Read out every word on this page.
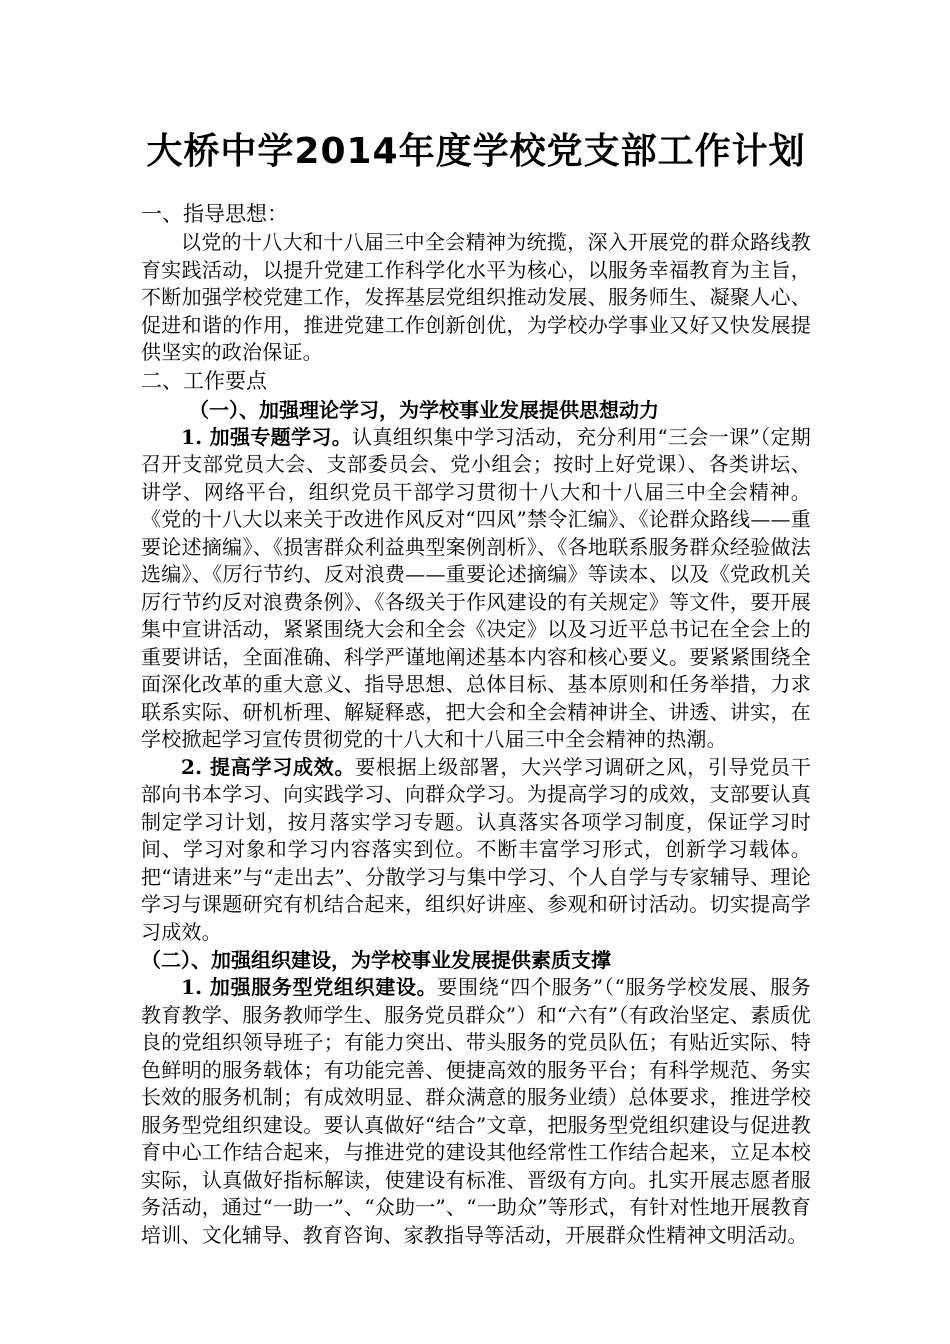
大桥中学2014年度学校党支部工作计划
一、指导思想：

以党的十八大和十八届三中全会精神为统揽，深入开展党的群众路线教育实践活动，以提升党建工作科学化水平为核心，以服务幸福教育为主旨，不断加强学校党建工作，发挥基层党组织推动发展、服务师生、凝聚人心、促进和谐的作用，推进党建工作创新创优，为学校办学事业又好又快发展提供坚实的政治保证。

二、工作要点
（一）、加强理论学习，为学校事业发展提供思想动力

1. 加强专题学习。认真组织集中学习活动，充分利用“三会一课”（定期召开支部党员大会、支部委员会、党小组会；按时上好党课）、各类讲坛、讲学、网络平台，组织党员干部学习贯彻十八大和十八届三中全会精神。《党的十八大以来关于改进作风反对“四风”禁令汇编》、《论群众路线——重要论述摘编》、《损害群众利益典型案例剖析》、《各地联系服务群众经验做法选编》、《厉行节约、反对浪费——重要论述摘编》等读本、以及《党政机关厉行节约反对浪费条例》、《各级关于作风建设的有关规定》等文件，要开展集中宣讲活动，紧紧围绕大会和全会《决定》以及习近平总书记在全会上的重要讲话，全面准确、科学严谨地阐述基本内容和核心要义。要紧紧围绕全面深化改革的重大意义、指导思想、总体目标、基本原则和任务举措，力求联系实际、研机析理、解疑释惑，把大会和全会精神讲全、讲透、讲实，在学校掀起学习宣传贯彻党的十八大和十八届三中全会精神的热潮。

2. 提高学习成效。要根据上级部署，大兴学习调研之风，引导党员干部向书本学习、向实践学习、向群众学习。为提高学习的成效，支部要认真制定学习计划，按月落实学习专题。认真落实各项学习制度，保证学习时间、学习对象和学习内容落实到位。不断丰富学习形式，创新学习载体。把“请进来”与“走出去”、分散学习与集中学习、个人自学与专家辅导、理论学习与课题研究有机结合起来，组织好讲座、参观和研讨活动。切实提高学习成效。

（二）、加强组织建设，为学校事业发展提供素质支撑

1. 加强服务型党组织建设。要围绕“四个服务”（“服务学校发展、服务教育教学、服务教师学生、服务党员群众”）和“六有”（有政治坚定、素质优良的党组织领导班子；有能力突出、带头服务的党员队伍；有贴近实际、特色鲜明的服务载体；有功能完善、便捷高效的服务平台；有科学规范、务实长效的服务机制；有成效明显、群众满意的服务业绩）总体要求，推进学校服务型党组织建设。要认真做好“结合”文章，把服务型党组织建设与促进教育中心工作结合起来，与推进党的建设其他经常性工作结合起来，立足本校实际，认真做好指标解读，使建设有标准、晋级有方向。扎实开展志愿者服务活动，通过“一助一”、“众助一”、“一助众”等形式，有针对性地开展教育培训、文化辅导、教育咨询、家教指导等活动，开展群众性精神文明活动。
